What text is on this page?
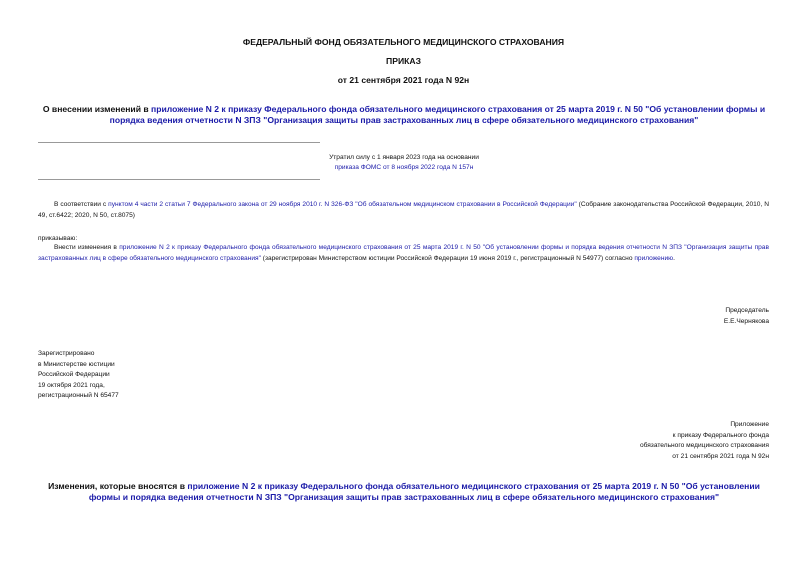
ФЕДЕРАЛЬНЫЙ ФОНД ОБЯЗАТЕЛЬНОГО МЕДИЦИНСКОГО СТРАХОВАНИЯ
ПРИКАЗ
от 21 сентября 2021 года N 92н
О внесении изменений в приложение N 2 к приказу Федерального фонда обязательного медицинского страхования от 25 марта 2019 г. N 50 "Об установлении формы и порядка ведения отчетности N ЗПЗ "Организация защиты прав застрахованных лиц в сфере обязательного медицинского страхования"
Утратил силу с 1 января 2023 года на основании
приказа ФОМС от 8 ноября 2022 года N 157н
В соответствии с пунктом 4 части 2 статьи 7 Федерального закона от 29 ноября 2010 г. N 326-ФЗ "Об обязательном медицинском страховании в Российской Федерации" (Собрание законодательства Российской Федерации, 2010, N 49, ст.6422; 2020, N 50, ст.8075)
приказываю:
Внести изменения в приложение N 2 к приказу Федерального фонда обязательного медицинского страхования от 25 марта 2019 г. N 50 "Об установлении формы и порядка ведения отчетности N ЗПЗ "Организация защиты прав застрахованных лиц в сфере обязательного медицинского страхования" (зарегистрирован Министерством юстиции Российской Федерации 19 июня 2019 г., регистрационный N 54977) согласно приложению.
Председатель
Е.Е.Чернякова
Зарегистрировано
в Министерстве юстиции
Российской Федерации
19 октября 2021 года,
регистрационный N 65477
Приложение
к приказу Федерального фонда
обязательного медицинского страхования
от 21 сентября 2021 года N 92н
Изменения, которые вносятся в приложение N 2 к приказу Федерального фонда обязательного медицинского страхования от 25 марта 2019 г. N 50 "Об установлении формы и порядка ведения отчетности N ЗПЗ "Организация защиты прав застрахованных лиц в сфере обязательного медицинского страхования"
